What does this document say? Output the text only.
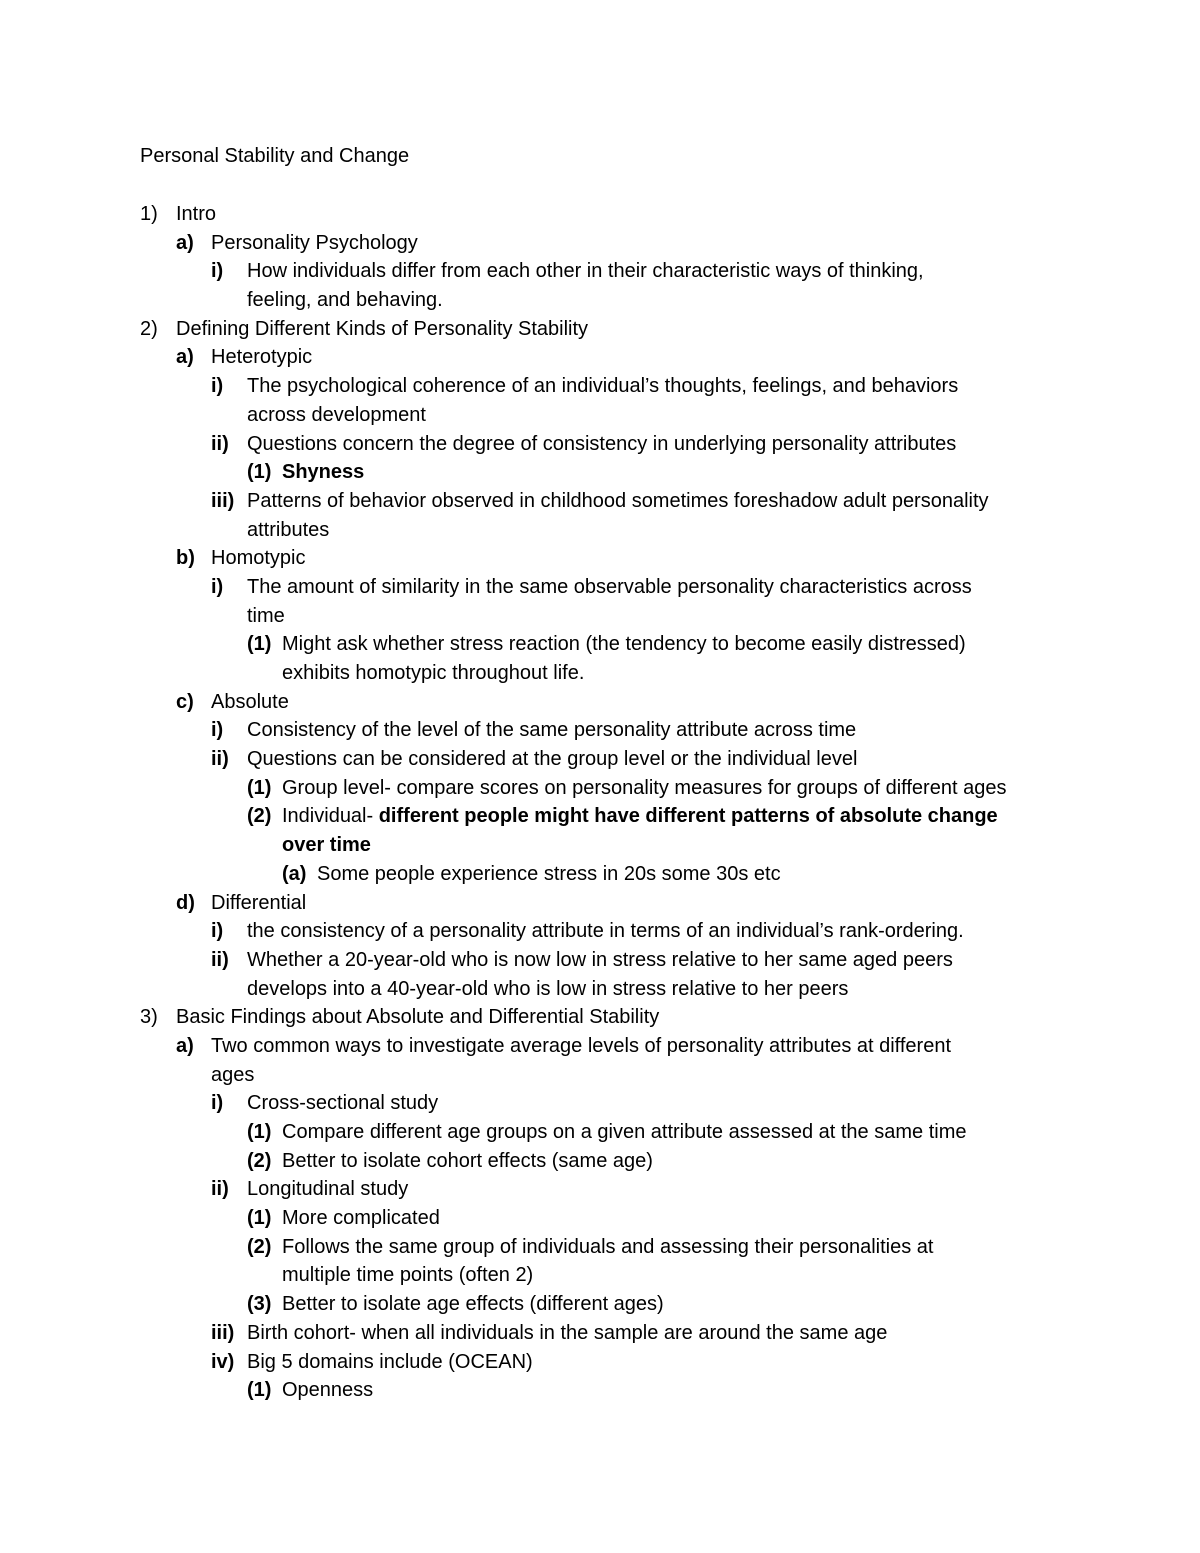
Personal Stability and Change
1) Intro
a) Personality Psychology
i) How individuals differ from each other in their characteristic ways of thinking,
feeling, and behaving.
2) Defining Different Kinds of Personality Stability
a) Heterotypic
i) The psychological coherence of an individual’s thoughts, feelings, and behaviors
across development
ii) Questions concern the degree of consistency in underlying personality attributes
(1) Shyness
iii) Patterns of behavior observed in childhood sometimes foreshadow adult personality
attributes
b) Homotypic
i) The amount of similarity in the same observable personality characteristics across
time
(1) Might ask whether stress reaction (the tendency to become easily distressed)
exhibits homotypic throughout life.
c) Absolute
i) Consistency of the level of the same personality attribute across time
ii) Questions can be considered at the group level or the individual level
(1) Group level- compare scores on personality measures for groups of different ages
(2) Individual- different people might have different patterns of absolute change
over time
(a) Some people experience stress in 20s some 30s etc
d) Differential
i) the consistency of a personality attribute in terms of an individual’s rank-ordering.
ii) Whether a 20-year-old who is now low in stress relative to her same aged peers
develops into a 40-year-old who is low in stress relative to her peers
3) Basic Findings about Absolute and Differential Stability
a) Two common ways to investigate average levels of personality attributes at different
ages
i) Cross-sectional study
(1) Compare different age groups on a given attribute assessed at the same time
(2) Better to isolate cohort effects (same age)
ii) Longitudinal study
(1) More complicated
(2) Follows the same group of individuals and assessing their personalities at
multiple time points (often 2)
(3) Better to isolate age effects (different ages)
iii) Birth cohort- when all individuals in the sample are around the same age
iv) Big 5 domains include (OCEAN)
(1) Openness
